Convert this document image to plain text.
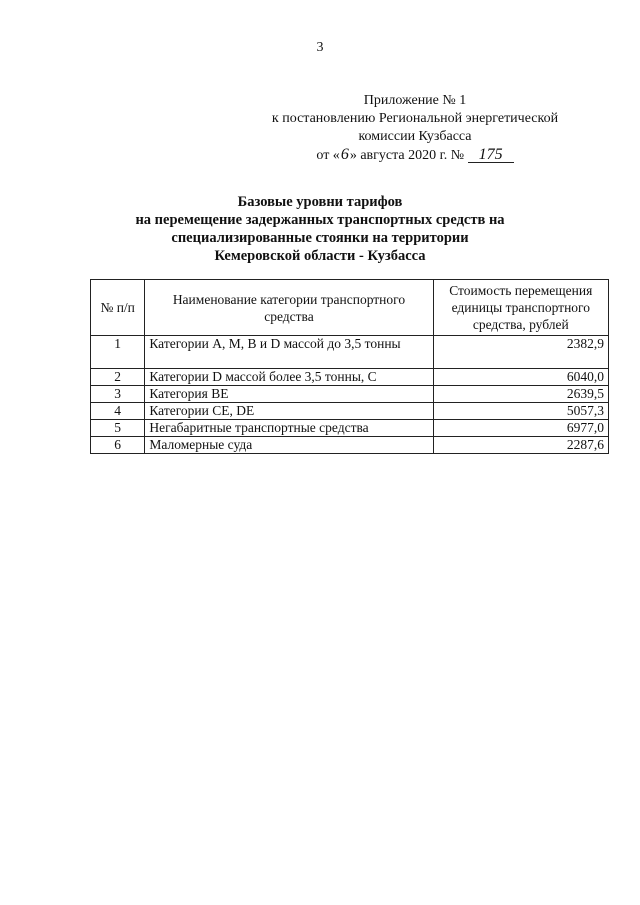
3
Приложение № 1
к постановлению Региональной энергетической
комиссии Кузбасса
от «6» августа 2020 г. № 175
Базовые уровни тарифов
на перемещение задержанных транспортных средств на
специализированные стоянки на территории
Кемеровской области - Кузбасса
№ п/п	Наименование категории транспортного средства	Стоимость перемещения единицы транспортного средства, рублей
1	Категории А, М, В и D массой до 3,5 тонны	2382,9
2	Категории D массой более 3,5 тонны, С	6040,0
3	Категория ВЕ	2639,5
4	Категории СЕ, DE	5057,3
5	Негабаритные транспортные средства	6977,0
6	Маломерные суда	2287,6
